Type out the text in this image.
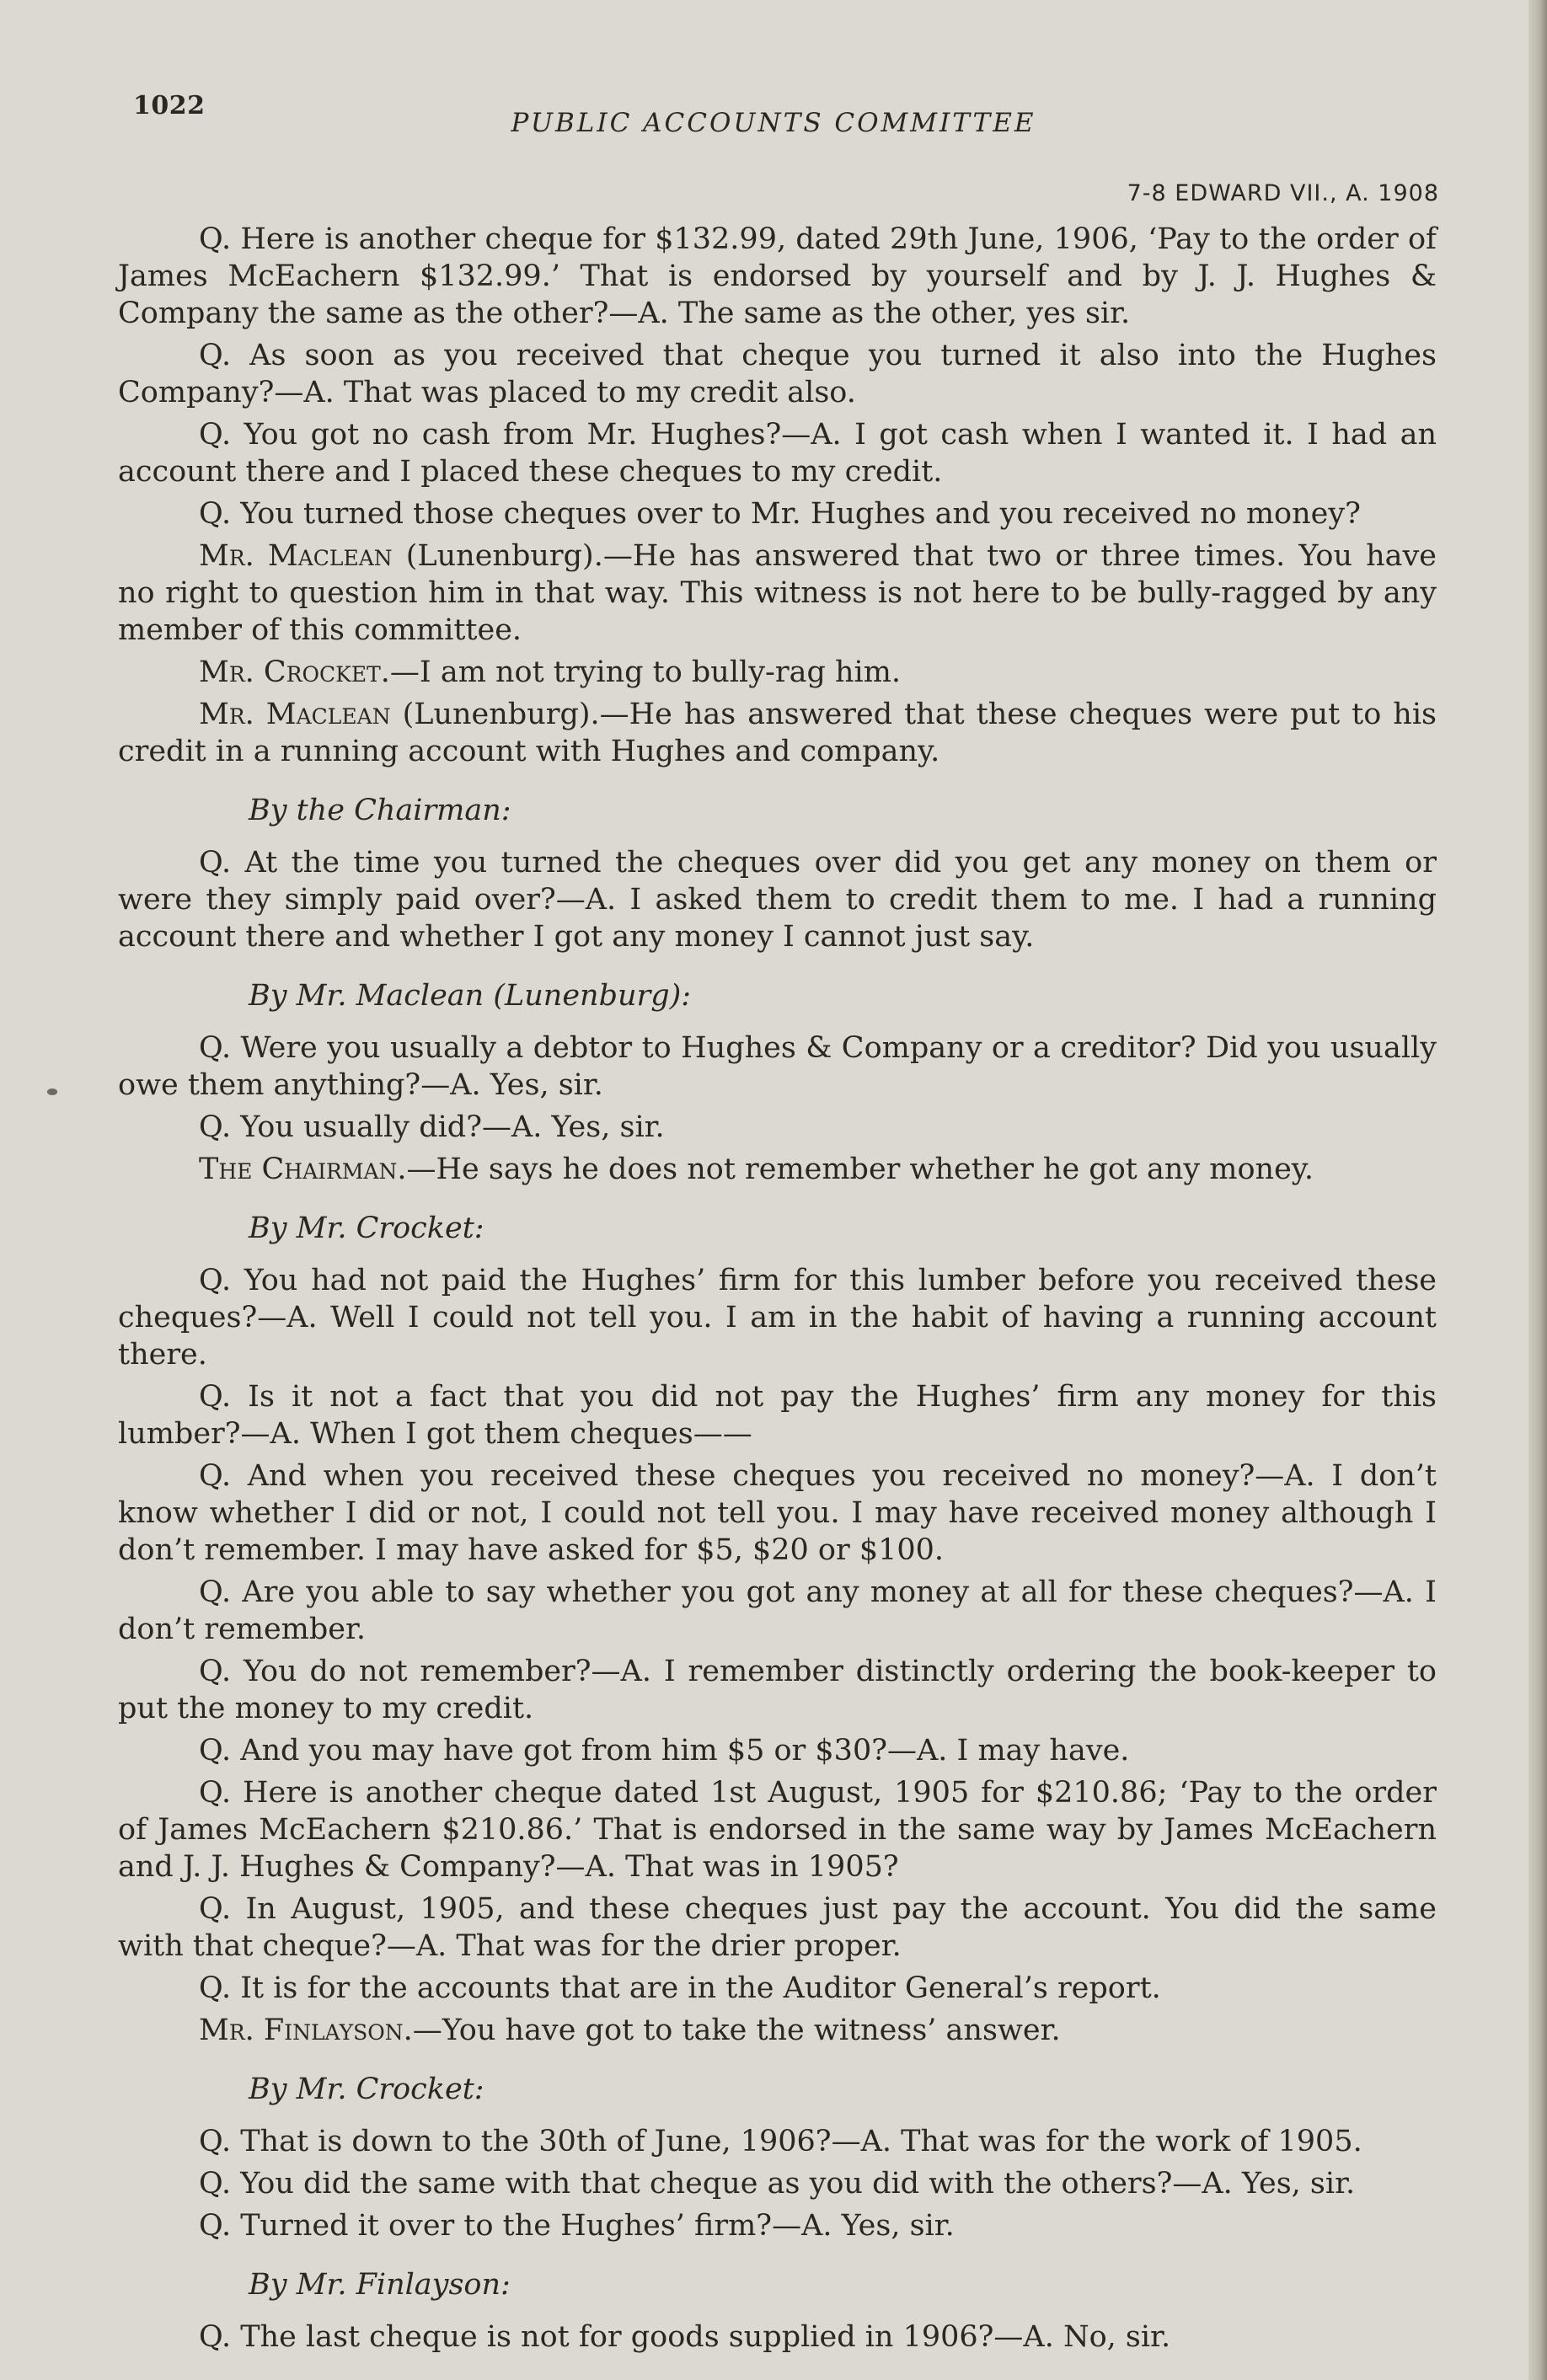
1022
PUBLIC ACCOUNTS COMMITTEE
7-8 EDWARD VII., A. 1908

Q. Here is another cheque for $132.99, dated 29th June, 1906, ‘Pay to the order of James McEachern $132.99.’ That is endorsed by yourself and by J. J. Hughes & Company the same as the other?—A. The same as the other, yes sir.

Q. As soon as you received that cheque you turned it also into the Hughes Company?—A. That was placed to my credit also.

Q. You got no cash from Mr. Hughes?—A. I got cash when I wanted it. I had an account there and I placed these cheques to my credit.

Q. You turned those cheques over to Mr. Hughes and you received no money?

Mr. Maclean (Lunenburg).—He has answered that two or three times. You have no right to question him in that way. This witness is not here to be bully-ragged by any member of this committee.

Mr. Crocket.—I am not trying to bully-rag him.

Mr. Maclean (Lunenburg).—He has answered that these cheques were put to his credit in a running account with Hughes and company.

By the Chairman:

Q. At the time you turned the cheques over did you get any money on them or were they simply paid over?—A. I asked them to credit them to me. I had a running account there and whether I got any money I cannot just say.

By Mr. Maclean (Lunenburg):

Q. Were you usually a debtor to Hughes & Company or a creditor? Did you usually owe them anything?—A. Yes, sir.

Q. You usually did?—A. Yes, sir.

The Chairman.—He says he does not remember whether he got any money.

By Mr. Crocket:

Q. You had not paid the Hughes’ firm for this lumber before you received these cheques?—A. Well I could not tell you. I am in the habit of having a running account there.

Q. Is it not a fact that you did not pay the Hughes’ firm any money for this lumber?—A. When I got them cheques——

Q. And when you received these cheques you received no money?—A. I don’t know whether I did or not, I could not tell you. I may have received money although I don’t remember. I may have asked for $5, $20 or $100.

Q. Are you able to say whether you got any money at all for these cheques?—A. I don’t remember.

Q. You do not remember?—A. I remember distinctly ordering the book-keeper to put the money to my credit.

Q. And you may have got from him $5 or $30?—A. I may have.

Q. Here is another cheque dated 1st August, 1905 for $210.86; ‘Pay to the order of James McEachern $210.86.’ That is endorsed in the same way by James McEachern and J. J. Hughes & Company?—A. That was in 1905?

Q. In August, 1905, and these cheques just pay the account. You did the same with that cheque?—A. That was for the drier proper.

Q. It is for the accounts that are in the Auditor General’s report.

Mr. Finlayson.—You have got to take the witness’ answer.

By Mr. Crocket:

Q. That is down to the 30th of June, 1906?—A. That was for the work of 1905.

Q. You did the same with that cheque as you did with the others?—A. Yes, sir.

Q. Turned it over to the Hughes’ firm?—A. Yes, sir.

By Mr. Finlayson:

Q. The last cheque is not for goods supplied in 1906?—A. No, sir.
